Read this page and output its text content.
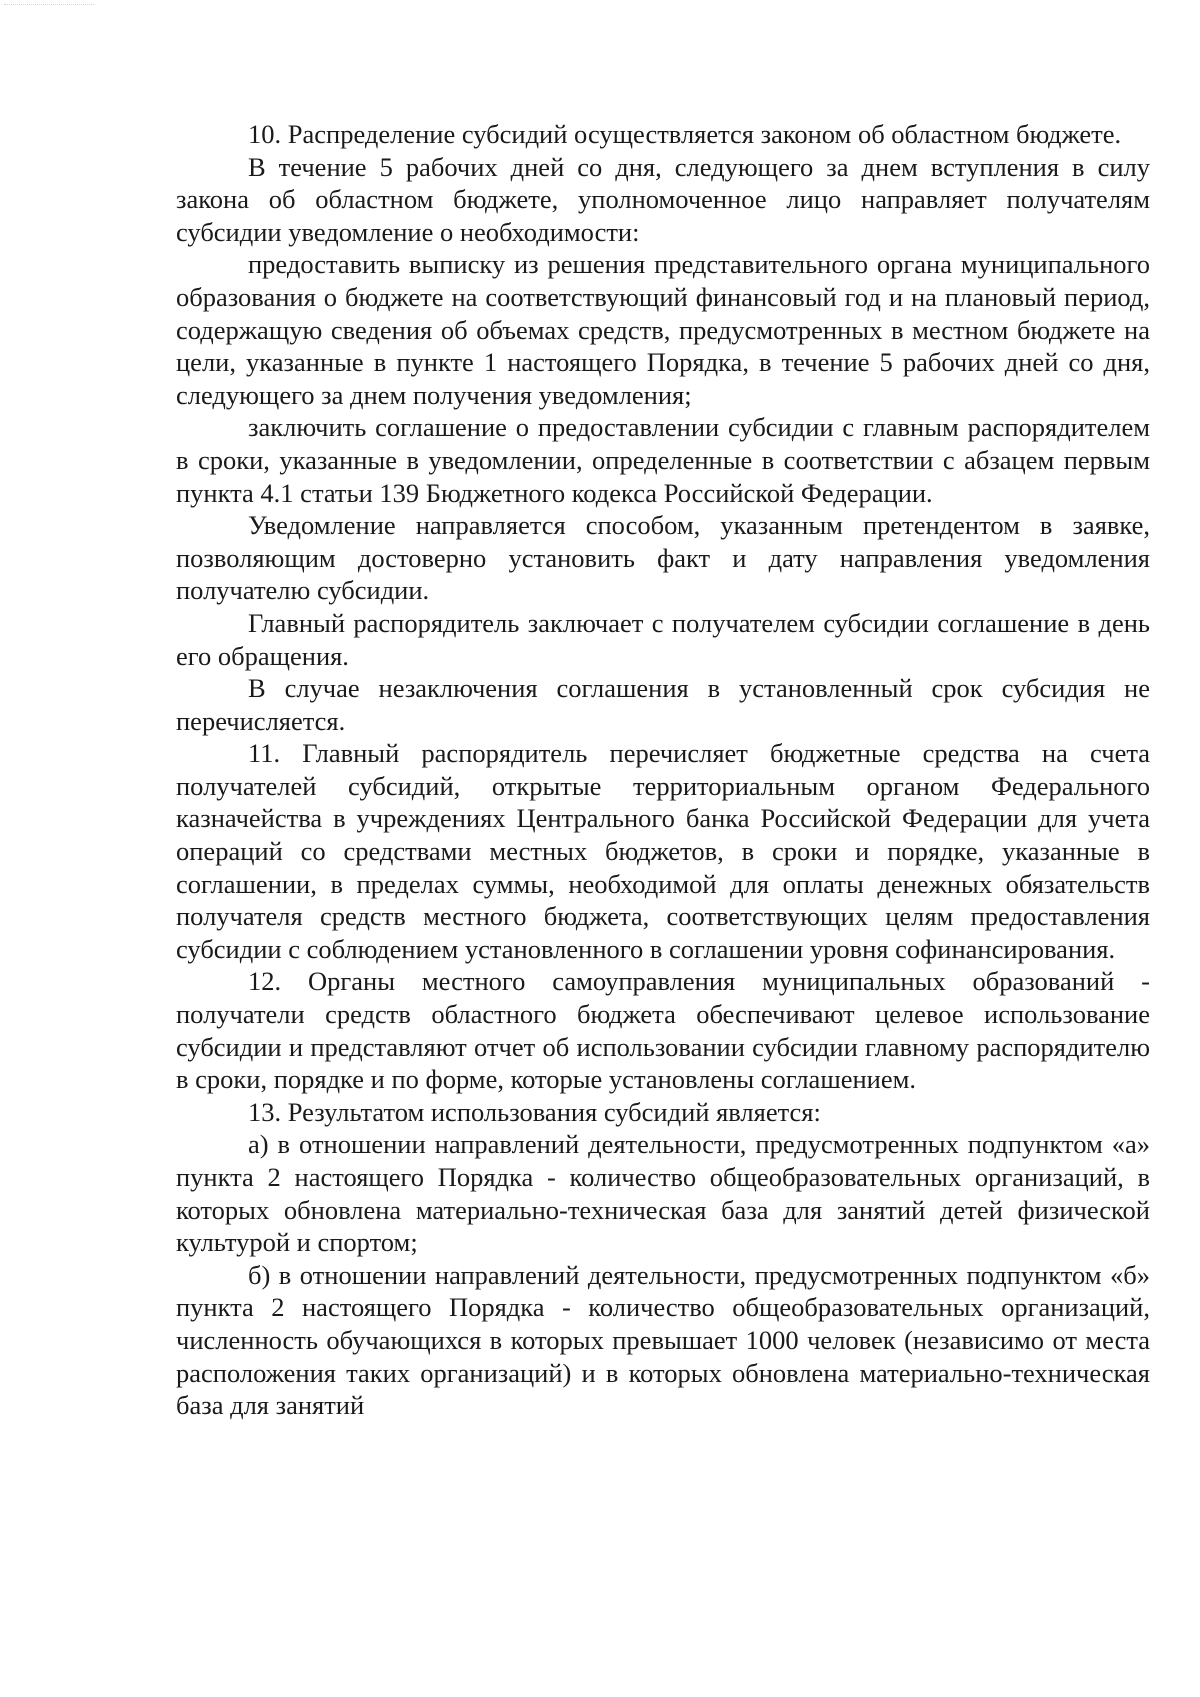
10. Распределение субсидий осуществляется законом об областном бюджете.

В течение 5 рабочих дней со дня, следующего за днем вступления в силу закона об областном бюджете, уполномоченное лицо направляет получателям субсидии уведомление о необходимости:

предоставить выписку из решения представительного органа муниципального образования о бюджете на соответствующий финансовый год и на плановый период, содержащую сведения об объемах средств, предусмотренных в местном бюджете на цели, указанные в пункте 1 настоящего Порядка, в течение 5 рабочих дней со дня, следующего за днем получения уведомления;

заключить соглашение о предоставлении субсидии с главным распорядителем в сроки, указанные в уведомлении, определенные в соответствии с абзацем первым пункта 4.1 статьи 139 Бюджетного кодекса Российской Федерации.

Уведомление направляется способом, указанным претендентом в заявке, позволяющим достоверно установить факт и дату направления уведомления получателю субсидии.

Главный распорядитель заключает с получателем субсидии соглашение в день его обращения.

В случае незаключения соглашения в установленный срок субсидия не перечисляется.

11. Главный распорядитель перечисляет бюджетные средства на счета получателей субсидий, открытые территориальным органом Федерального казначейства в учреждениях Центрального банка Российской Федерации для учета операций со средствами местных бюджетов, в сроки и порядке, указанные в соглашении, в пределах суммы, необходимой для оплаты денежных обязательств получателя средств местного бюджета, соответствующих целям предоставления субсидии с соблюдением установленного в соглашении уровня софинансирования.

12. Органы местного самоуправления муниципальных образований - получатели средств областного бюджета обеспечивают целевое использование субсидии и представляют отчет об использовании субсидии главному распорядителю в сроки, порядке и по форме, которые установлены соглашением.

13. Результатом использования субсидий является:

а) в отношении направлений деятельности, предусмотренных подпунктом «а» пункта 2 настоящего Порядка - количество общеобразовательных организаций, в которых обновлена материально-техническая база для занятий детей физической культурой и спортом;

б) в отношении направлений деятельности, предусмотренных подпунктом «б» пункта 2 настоящего Порядка - количество общеобразовательных организаций, численность обучающихся в которых превышает 1000 человек (независимо от места расположения таких организаций) и в которых обновлена материально-техническая база для занятий
